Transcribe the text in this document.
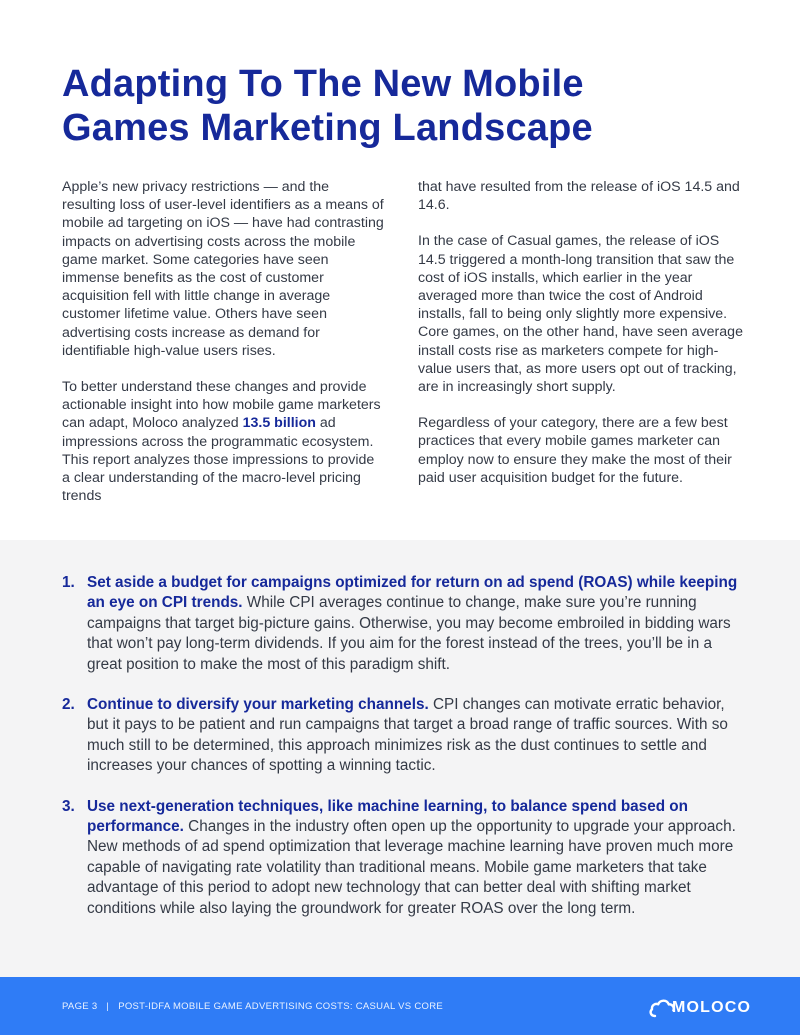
Adapting To The New Mobile
Games Marketing Landscape

Apple’s new privacy restrictions — and the resulting loss of user-level identifiers as a means of mobile ad targeting on iOS — have had contrasting impacts on advertising costs across the mobile game market. Some categories have seen immense benefits as the cost of customer acquisition fell with little change in average customer lifetime value. Others have seen advertising costs increase as demand for identifiable high-value users rises.

To better understand these changes and provide actionable insight into how mobile game marketers can adapt, Moloco analyzed 13.5 billion ad impressions across the programmatic ecosystem. This report analyzes those impressions to provide a clear understanding of the macro-level pricing trends

that have resulted from the release of iOS 14.5 and 14.6.

In the case of Casual games, the release of iOS 14.5 triggered a month-long transition that saw the cost of iOS installs, which earlier in the year averaged more than twice the cost of Android installs, fall to being only slightly more expensive. Core games, on the other hand, have seen average install costs rise as marketers compete for high-value users that, as more users opt out of tracking, are in increasingly short supply.

Regardless of your category, there are a few best practices that every mobile games marketer can employ now to ensure they make the most of their paid user acquisition budget for the future.

1. Set aside a budget for campaigns optimized for return on ad spend (ROAS) while keeping an eye on CPI trends. While CPI averages continue to change, make sure you’re running campaigns that target big-picture gains. Otherwise, you may become embroiled in bidding wars that won’t pay long-term dividends. If you aim for the forest instead of the trees, you’ll be in a great position to make the most of this paradigm shift.
2. Continue to diversify your marketing channels. CPI changes can motivate erratic behavior, but it pays to be patient and run campaigns that target a broad range of traffic sources. With so much still to be determined, this approach minimizes risk as the dust continues to settle and increases your chances of spotting a winning tactic.
3. Use next-generation techniques, like machine learning, to balance spend based on performance. Changes in the industry often open up the opportunity to upgrade your approach. New methods of ad spend optimization that leverage machine learning have proven much more capable of navigating rate volatility than traditional means. Mobile game marketers that take advantage of this period to adopt new technology that can better deal with shifting market conditions while also laying the groundwork for greater ROAS over the long term.
PAGE 3 | POST-IDFA MOBILE GAME ADVERTISING COSTS: CASUAL VS CORE	MOLOCO
